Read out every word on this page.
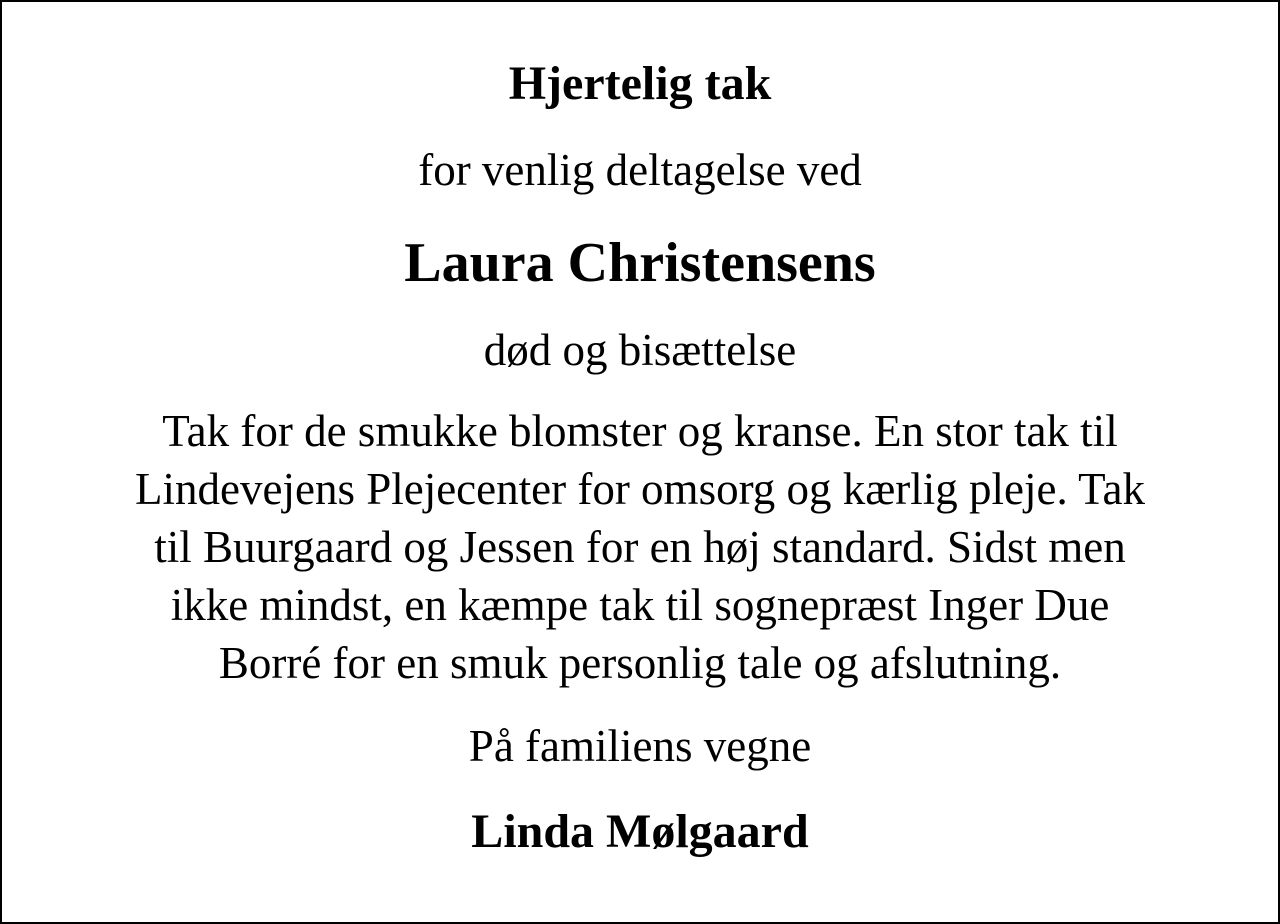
Hjertelig tak

for venlig deltagelse ved

Laura Christensens

død og bisættelse

Tak for de smukke blomster og kranse. En stor tak til
Lindevejens Plejecenter for omsorg og kærlig pleje. Tak
til Buurgaard og Jessen for en høj standard. Sidst men
ikke mindst, en kæmpe tak til sognepræst Inger Due
Borré for en smuk personlig tale og afslutning.

På familiens vegne

Linda Mølgaard
